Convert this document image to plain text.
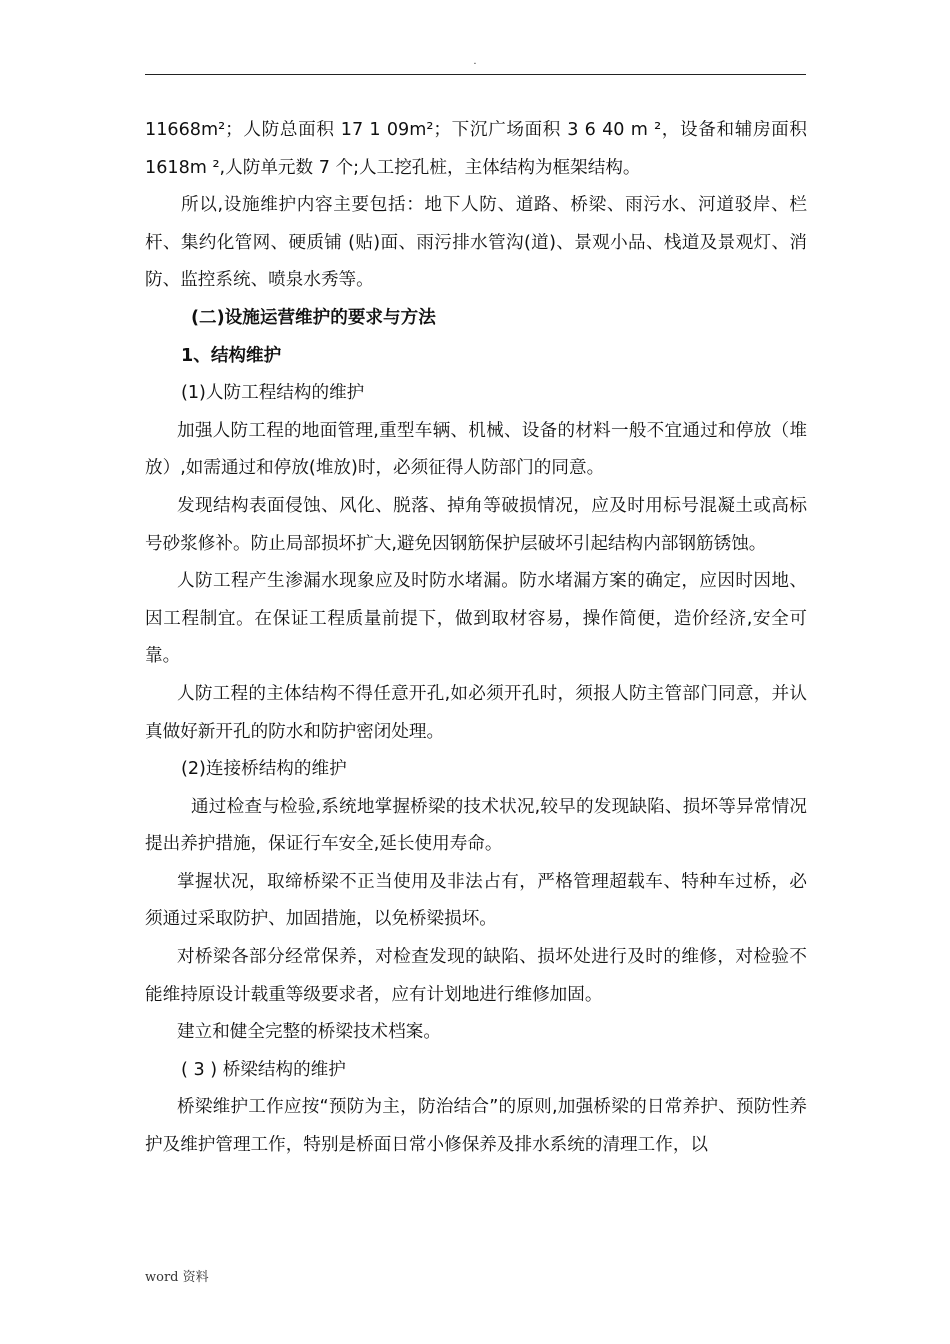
.

11668m²；人防总面积 17 1 09m²；下沉广场面积 3 6 40 m ²，设备和辅房面积 1618m ²,人防单元数 7 个;人工挖孔桩，主体结构为框架结构。

所以,设施维护内容主要包括：地下人防、道路、桥梁、雨污水、河道驳岸、栏杆、集约化管网、硬质铺 (贴)面、雨污排水管沟(道)、景观小品、栈道及景观灯、消防、监控系统、喷泉水秀等。

(二)设施运营维护的要求与方法

1、结构维护

(1)人防工程结构的维护

加强人防工程的地面管理,重型车辆、机械、设备的材料一般不宜通过和停放（堆放）,如需通过和停放(堆放)时，必须征得人防部门的同意。

发现结构表面侵蚀、风化、脱落、掉角等破损情况，应及时用标号混凝土或高标号砂浆修补。防止局部损坏扩大,避免因钢筋保护层破坏引起结构内部钢筋锈蚀。

人防工程产生渗漏水现象应及时防水堵漏。防水堵漏方案的确定，应因时因地、因工程制宜。在保证工程质量前提下，做到取材容易，操作简便，造价经济,安全可靠。

人防工程的主体结构不得任意开孔,如必须开孔时，须报人防主管部门同意，并认真做好新开孔的防水和防护密闭处理。

(2)连接桥结构的维护

通过检查与检验,系统地掌握桥梁的技术状况,较早的发现缺陷、损坏等异常情况提出养护措施，保证行车安全,延长使用寿命。

掌握状况，取缔桥梁不正当使用及非法占有，严格管理超载车、特种车过桥，必须通过采取防护、加固措施，以免桥梁损坏。

对桥梁各部分经常保养，对检查发现的缺陷、损坏处进行及时的维修，对检验不能维持原设计载重等级要求者，应有计划地进行维修加固。

建立和健全完整的桥梁技术档案。

( 3 ) 桥梁结构的维护

桥梁维护工作应按“预防为主，防治结合”的原则,加强桥梁的日常养护、预防性养护及维护管理工作，特别是桥面日常小修保养及排水系统的清理工作，以

word 资料
